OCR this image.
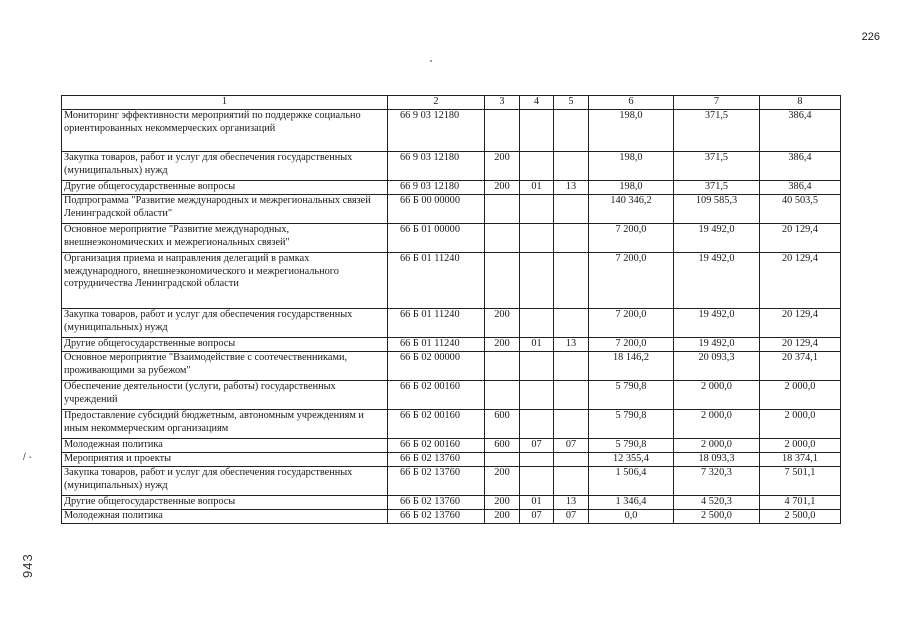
226
1	2	3	4	5	6	7	8
Мониторинг эффективности мероприятий по поддержке социально ориентированных некоммерческих организаций	66 9 03 12180				198,0	371,5	386,4
Закупка товаров, работ и услуг для обеспечения государственных (муниципальных) нужд	66 9 03 12180	200			198,0	371,5	386,4
Другие общегосударственные вопросы	66 9 03 12180	200	01	13	198,0	371,5	386,4
Подпрограмма "Развитие международных и межрегиональных связей Ленинградской области"	66 Б 00 00000				140 346,2	109 585,3	40 503,5
Основное мероприятие "Развитие международных, внешнеэкономических и межрегиональных связей"	66 Б 01 00000				7 200,0	19 492,0	20 129,4
Организация приема и направления делегаций в рамках международного, внешнеэкономического и межрегионального сотрудничества Ленинградской области	66 Б 01 11240				7 200,0	19 492,0	20 129,4
Закупка товаров, работ и услуг для обеспечения государственных (муниципальных) нужд	66 Б 01 11240	200			7 200,0	19 492,0	20 129,4
Другие общегосударственные вопросы	66 Б 01 11240	200	01	13	7 200,0	19 492,0	20 129,4
Основное мероприятие "Взаимодействие с соотечественниками, проживающими за рубежом"	66 Б 02 00000				18 146,2	20 093,3	20 374,1
Обеспечение деятельности (услуги, работы) государственных учреждений	66 Б 02 00160				5 790,8	2 000,0	2 000,0
Предоставление субсидий бюджетным, автономным учреждениям и иным некоммерческим организациям	66 Б 02 00160	600			5 790,8	2 000,0	2 000,0
Молодежная политика	66 Б 02 00160	600	07	07	5 790,8	2 000,0	2 000,0
Мероприятия и проекты	66 Б 02 13760				12 355,4	18 093,3	18 374,1
Закупка товаров, работ и услуг для обеспечения государственных (муниципальных) нужд	66 Б 02 13760	200			1 506,4	7 320,3	7 501,1
Другие общегосударственные вопросы	66 Б 02 13760	200	01	13	1 346,4	4 520,3	4 701,1
Молодежная политика	66 Б 02 13760	200	07	07	0,0	2 500,0	2 500,0
/ -
943
